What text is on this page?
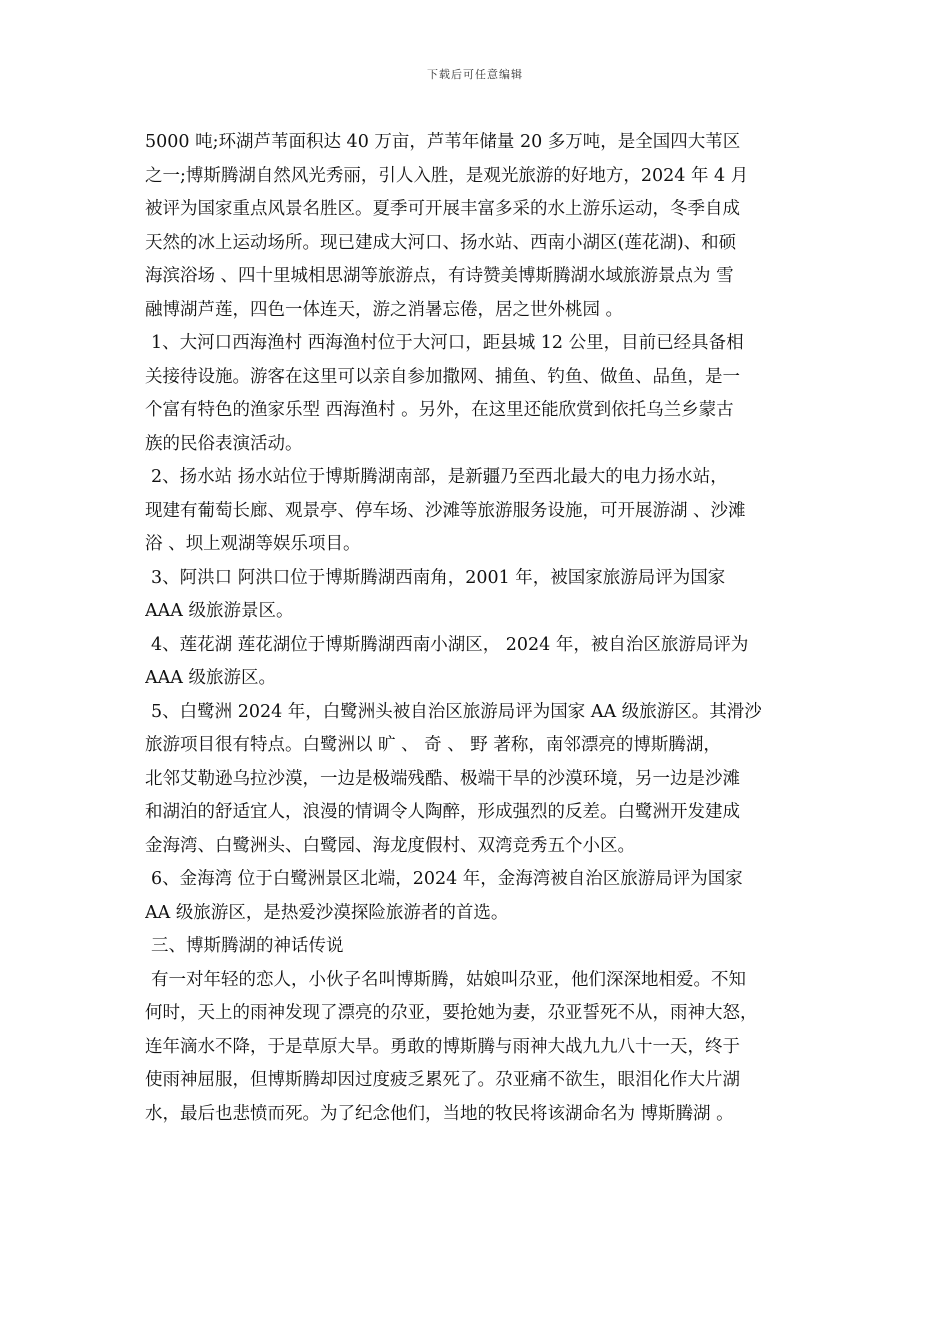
下载后可任意编辑
5000 吨;环湖芦苇面积达 40 万亩，芦苇年储量 20 多万吨，是全国四大苇区
之一;博斯腾湖自然风光秀丽，引人入胜，是观光旅游的好地方，2024 年 4 月
被评为国家重点风景名胜区。夏季可开展丰富多采的水上游乐运动，冬季自成
天然的冰上运动场所。现已建成大河口、扬水站、西南小湖区(莲花湖)、和硕
海滨浴场 、四十里城相思湖等旅游点，有诗赞美博斯腾湖水域旅游景点为 雪
融博湖芦莲，四色一体连天，游之消暑忘倦，居之世外桃园 。
1、大河口西海渔村 西海渔村位于大河口，距县城 12 公里，目前已经具备相
关接待设施。游客在这里可以亲自参加撒网、捕鱼、钓鱼、做鱼、品鱼，是一
个富有特色的渔家乐型 西海渔村 。另外，在这里还能欣赏到依托乌兰乡蒙古
族的民俗表演活动。
2、扬水站 扬水站位于博斯腾湖南部，是新疆乃至西北最大的电力扬水站，
现建有葡萄长廊、观景亭、停车场、沙滩等旅游服务设施，可开展游湖 、沙滩
浴 、坝上观湖等娱乐项目。
3、阿洪口 阿洪口位于博斯腾湖西南角，2001 年，被国家旅游局评为国家
AAA 级旅游景区。
4、莲花湖 莲花湖位于博斯腾湖西南小湖区， 2024 年，被自治区旅游局评为
AAA 级旅游区。
5、白鹭洲 2024 年，白鹭洲头被自治区旅游局评为国家 AA 级旅游区。其滑沙
旅游项目很有特点。白鹭洲以 旷 、 奇 、 野 著称，南邻漂亮的博斯腾湖，
北邻艾勒逊乌拉沙漠，一边是极端残酷、极端干旱的沙漠环境，另一边是沙滩
和湖泊的舒适宜人，浪漫的情调令人陶醉，形成强烈的反差。白鹭洲开发建成
金海湾、白鹭洲头、白鹭园、海龙度假村、双湾竞秀五个小区。
6、金海湾 位于白鹭洲景区北端，2024 年，金海湾被自治区旅游局评为国家
AA 级旅游区，是热爱沙漠探险旅游者的首选。
三、博斯腾湖的神话传说
有一对年轻的恋人，小伙子名叫博斯腾，姑娘叫尕亚，他们深深地相爱。不知
何时，天上的雨神发现了漂亮的尕亚，要抢她为妻，尕亚誓死不从，雨神大怒，
连年滴水不降，于是草原大旱。勇敢的博斯腾与雨神大战九九八十一天，终于
使雨神屈服，但博斯腾却因过度疲乏累死了。尕亚痛不欲生，眼泪化作大片湖
水，最后也悲愤而死。为了纪念他们，当地的牧民将该湖命名为 博斯腾湖 。
